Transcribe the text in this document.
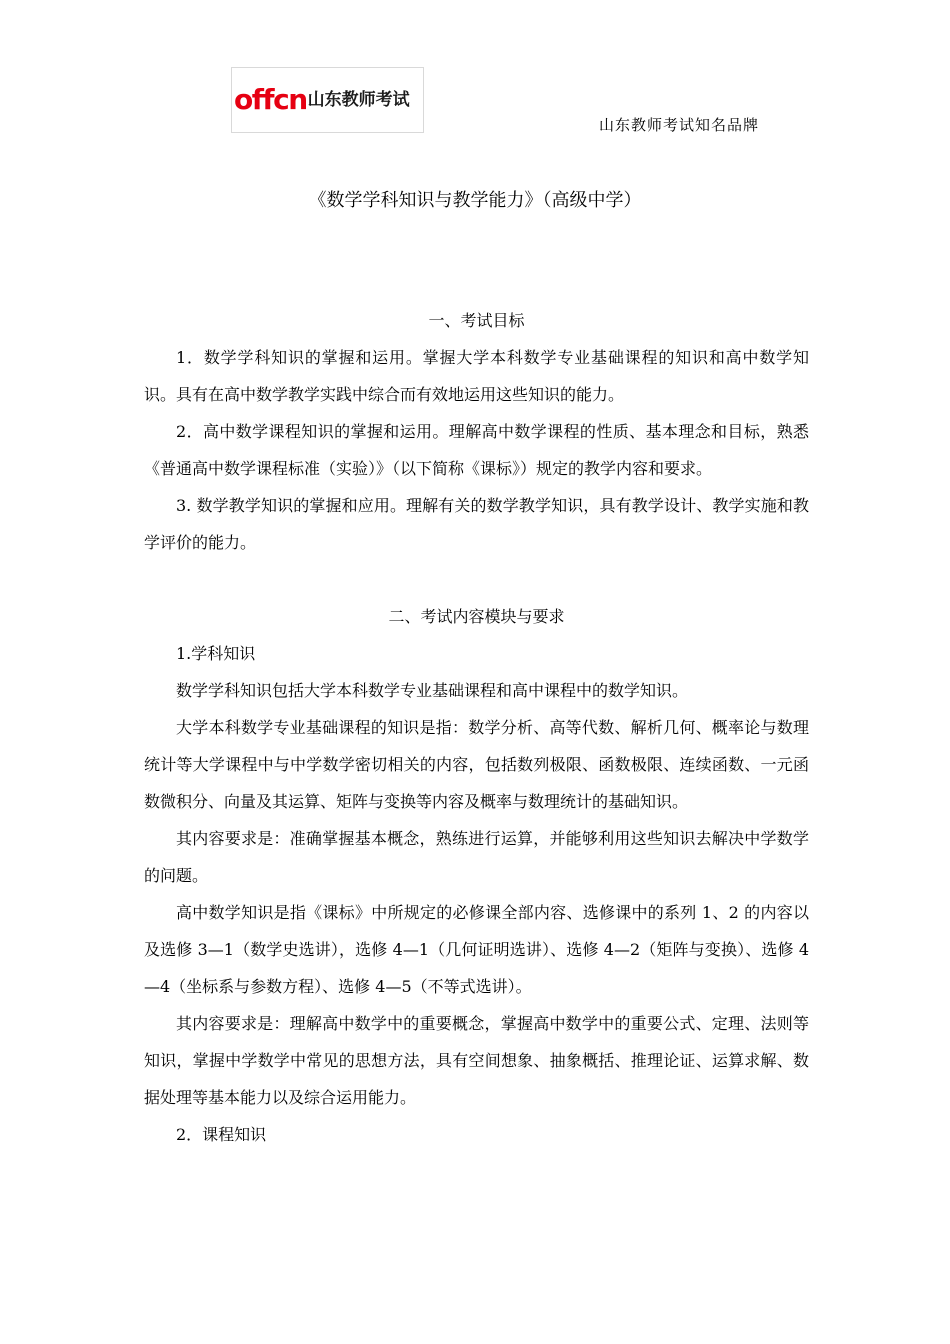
offcn山东教师考试
山东教师考试知名品牌
《数学学科知识与教学能力》（高级中学）

一、考试目标

1．数学学科知识的掌握和运用。掌握大学本科数学专业基础课程的知识和高中数学知识。具有在高中数学教学实践中综合而有效地运用这些知识的能力。

2．高中数学课程知识的掌握和运用。理解高中数学课程的性质、基本理念和目标，熟悉《普通高中数学课程标准（实验）》（以下简称《课标》）规定的教学内容和要求。

3. 数学教学知识的掌握和应用。理解有关的数学教学知识，具有教学设计、教学实施和教学评价的能力。

二、考试内容模块与要求

1.学科知识

数学学科知识包括大学本科数学专业基础课程和高中课程中的数学知识。

大学本科数学专业基础课程的知识是指：数学分析、高等代数、解析几何、概率论与数理统计等大学课程中与中学数学密切相关的内容，包括数列极限、函数极限、连续函数、一元函数微积分、向量及其运算、矩阵与变换等内容及概率与数理统计的基础知识。

其内容要求是：准确掌握基本概念，熟练进行运算，并能够利用这些知识去解决中学数学的问题。

高中数学知识是指《课标》中所规定的必修课全部内容、选修课中的系列 1、2 的内容以及选修 3—1（数学史选讲），选修 4—1（几何证明选讲）、选修 4—2（矩阵与变换）、选修 4—4（坐标系与参数方程）、选修 4—5（不等式选讲）。

其内容要求是：理解高中数学中的重要概念，掌握高中数学中的重要公式、定理、法则等知识，掌握中学数学中常见的思想方法，具有空间想象、抽象概括、推理论证、运算求解、数据处理等基本能力以及综合运用能力。

2．课程知识
